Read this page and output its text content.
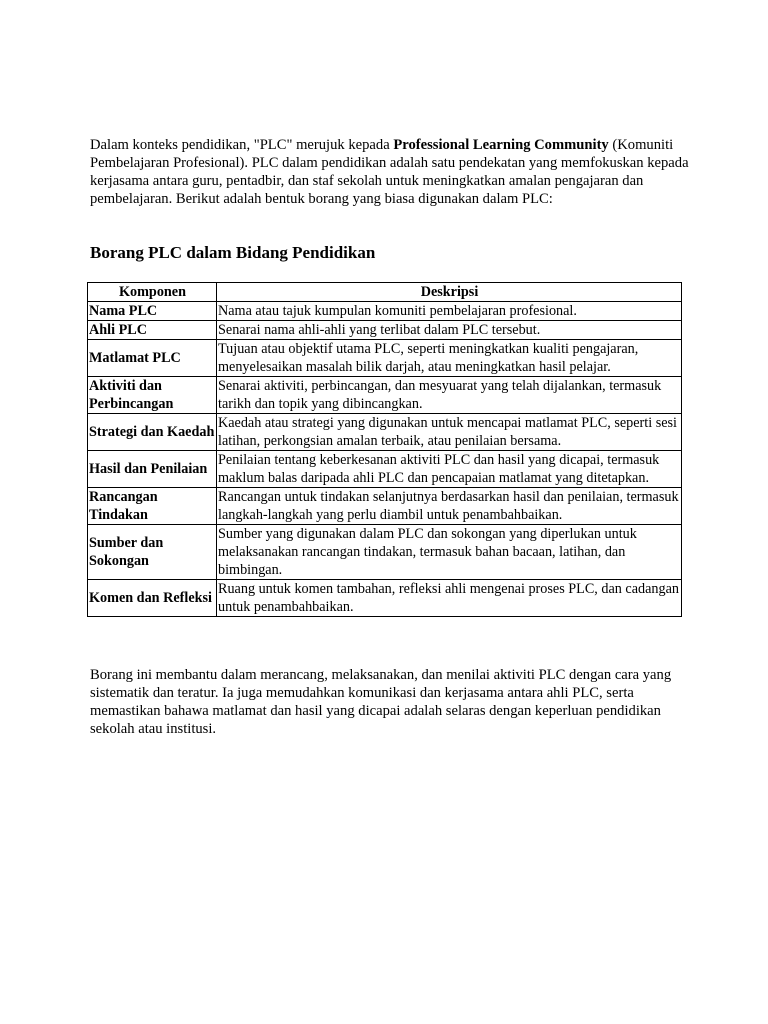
Dalam konteks pendidikan, "PLC" merujuk kepada Professional Learning Community (Komuniti Pembelajaran Profesional). PLC dalam pendidikan adalah satu pendekatan yang memfokuskan kepada kerjasama antara guru, pentadbir, dan staf sekolah untuk meningkatkan amalan pengajaran dan pembelajaran. Berikut adalah bentuk borang yang biasa digunakan dalam PLC:

Borang PLC dalam Bidang Pendidikan
Komponen	Deskripsi
Nama PLC	Nama atau tajuk kumpulan komuniti pembelajaran profesional.
Ahli PLC	Senarai nama ahli-ahli yang terlibat dalam PLC tersebut.
Matlamat PLC	Tujuan atau objektif utama PLC, seperti meningkatkan kualiti pengajaran, menyelesaikan masalah bilik darjah, atau meningkatkan hasil pelajar.
Aktiviti dan Perbincangan	Senarai aktiviti, perbincangan, dan mesyuarat yang telah dijalankan, termasuk tarikh dan topik yang dibincangkan.
Strategi dan Kaedah	Kaedah atau strategi yang digunakan untuk mencapai matlamat PLC, seperti sesi latihan, perkongsian amalan terbaik, atau penilaian bersama.
Hasil dan Penilaian	Penilaian tentang keberkesanan aktiviti PLC dan hasil yang dicapai, termasuk maklum balas daripada ahli PLC dan pencapaian matlamat yang ditetapkan.
Rancangan Tindakan	Rancangan untuk tindakan selanjutnya berdasarkan hasil dan penilaian, termasuk langkah-langkah yang perlu diambil untuk penambahbaikan.
Sumber dan Sokongan	Sumber yang digunakan dalam PLC dan sokongan yang diperlukan untuk melaksanakan rancangan tindakan, termasuk bahan bacaan, latihan, dan bimbingan.
Komen dan Refleksi	Ruang untuk komen tambahan, refleksi ahli mengenai proses PLC, dan cadangan untuk penambahbaikan.

Borang ini membantu dalam merancang, melaksanakan, dan menilai aktiviti PLC dengan cara yang sistematik dan teratur. Ia juga memudahkan komunikasi dan kerjasama antara ahli PLC, serta memastikan bahawa matlamat dan hasil yang dicapai adalah selaras dengan keperluan pendidikan sekolah atau institusi.
